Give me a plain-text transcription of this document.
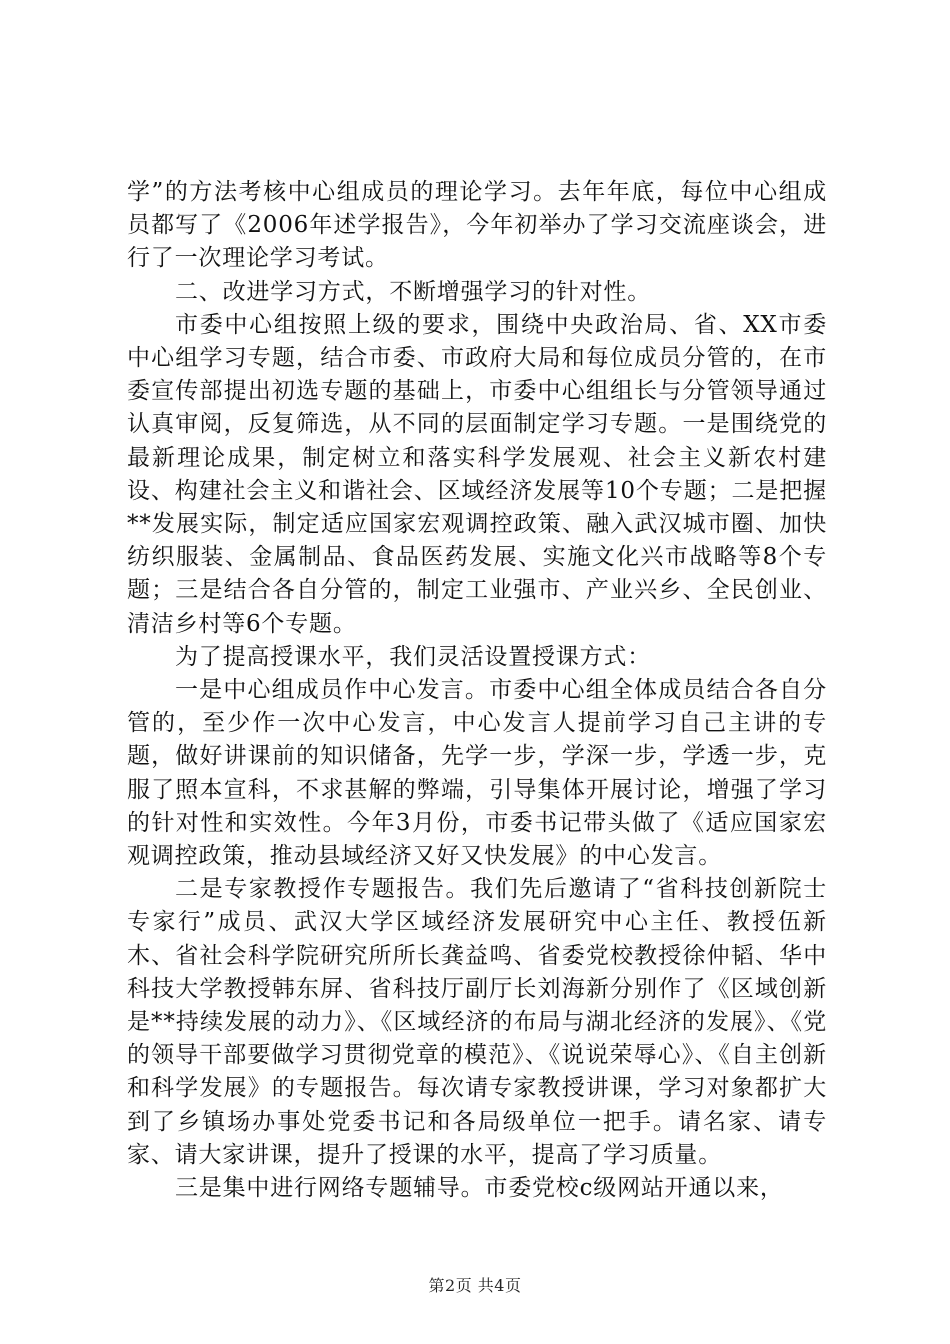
学”的方法考核中心组成员的理论学习。去年年底，每位中心组成员都写了《2006年述学报告》，今年初举办了学习交流座谈会，进行了一次理论学习考试。

二、改进学习方式，不断增强学习的针对性。

市委中心组按照上级的要求，围绕中央政治局、省、XX市委中心组学习专题，结合市委、市政府大局和每位成员分管的，在市委宣传部提出初选专题的基础上，市委中心组组长与分管领导通过认真审阅，反复筛选，从不同的层面制定学习专题。一是围绕党的最新理论成果，制定树立和落实科学发展观、社会主义新农村建设、构建社会主义和谐社会、区域经济发展等10个专题；二是把握**发展实际，制定适应国家宏观调控政策、融入武汉城市圈、加快纺织服装、金属制品、食品医药发展、实施文化兴市战略等8个专题；三是结合各自分管的，制定工业强市、产业兴乡、全民创业、清洁乡村等6个专题。

为了提高授课水平，我们灵活设置授课方式：

一是中心组成员作中心发言。市委中心组全体成员结合各自分管的，至少作一次中心发言，中心发言人提前学习自己主讲的专题，做好讲课前的知识储备，先学一步，学深一步，学透一步，克服了照本宣科，不求甚解的弊端，引导集体开展讨论，增强了学习的针对性和实效性。今年3月份，市委书记带头做了《适应国家宏观调控政策，推动县域经济又好又快发展》的中心发言。

二是专家教授作专题报告。我们先后邀请了“省科技创新院士专家行”成员、武汉大学区域经济发展研究中心主任、教授伍新木、省社会科学院研究所所长龚益鸣、省委党校教授徐仲韬、华中科技大学教授韩东屏、省科技厅副厅长刘海新分别作了《区域创新是**持续发展的动力》、《区域经济的布局与湖北经济的发展》、《党的领导干部要做学习贯彻党章的模范》、《说说荣辱心》、《自主创新和科学发展》的专题报告。每次请专家教授讲课，学习对象都扩大到了乡镇场办事处党委书记和各局级单位一把手。请名家、请专家、请大家讲课，提升了授课的水平，提高了学习质量。

三是集中进行网络专题辅导。市委党校c级网站开通以来，

第2页 共4页
